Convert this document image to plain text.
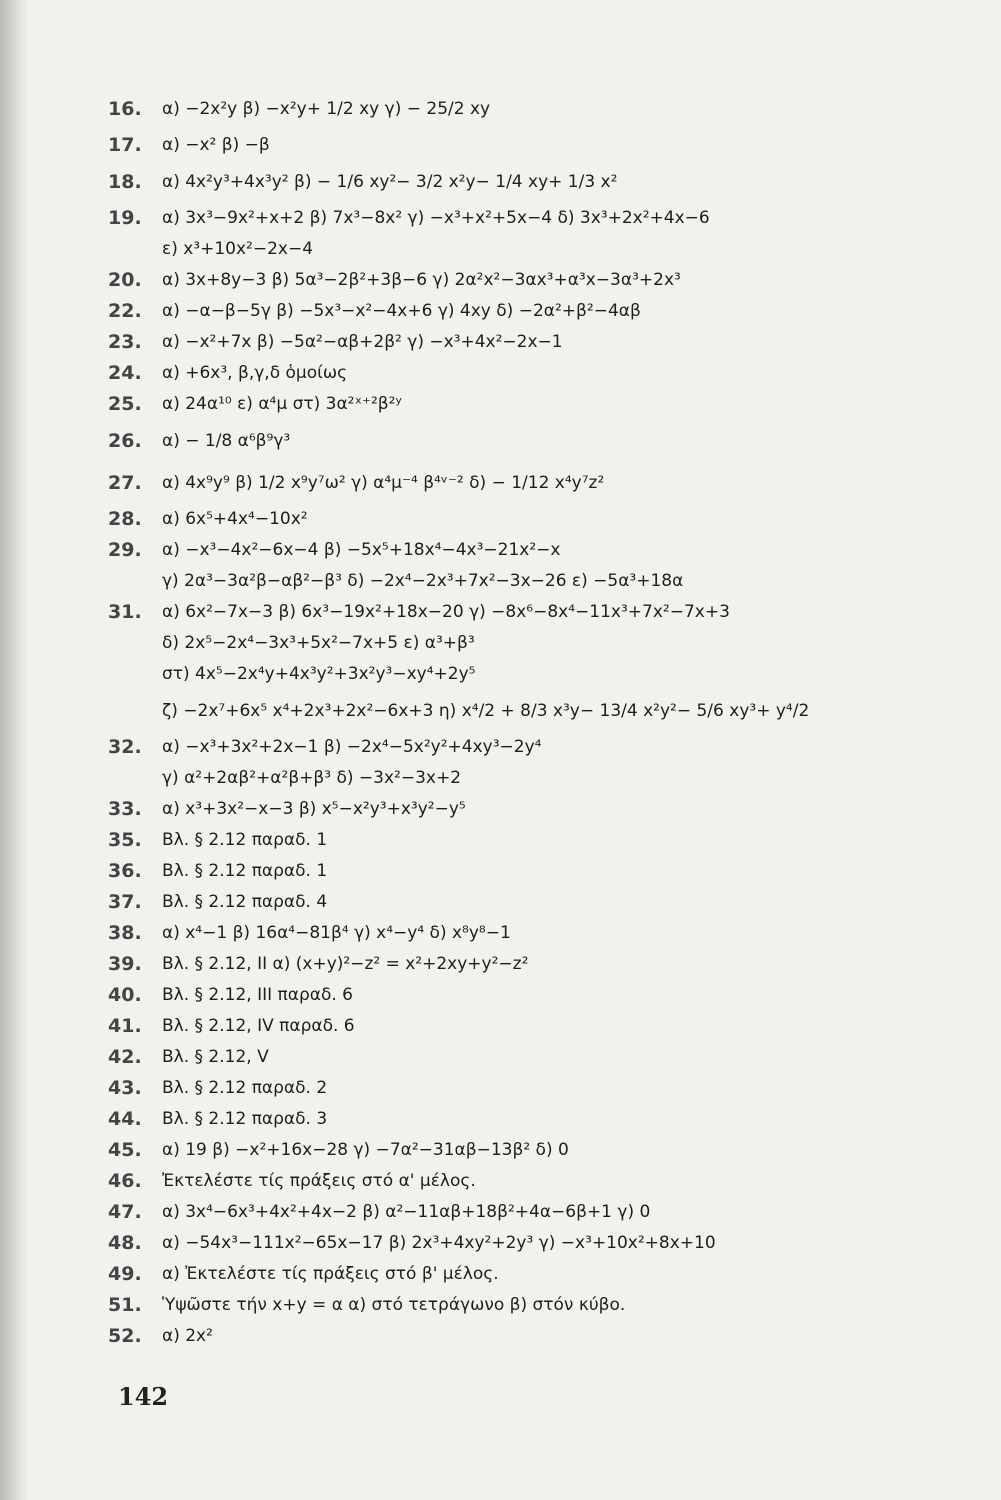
16.	α) −2x²y β) −x²y+ 1/2 xy γ) − 25/2 xy
17.	α) −x² β) −β
18.	α) 4x²y³+4x³y² β) − 1/6 xy²− 3/2 x²y− 1/4 xy+ 1/3 x²
19.	α) 3x³−9x²+x+2 β) 7x³−8x² γ) −x³+x²+5x−4 δ) 3x³+2x²+4x−6
ε) x³+10x²−2x−4
20.	α) 3x+8y−3 β) 5α³−2β²+3β−6 γ) 2α²x²−3αx³+α³x−3α³+2x³
22.	α) −α−β−5γ β) −5x³−x²−4x+6 γ) 4xy δ) −2α²+β²−4αβ
23.	α) −x²+7x β) −5α²−αβ+2β² γ) −x³+4x²−2x−1
24.	α) +6x³, β,γ,δ ὁμοίως
25.	α) 24α¹⁰ ε) α⁴μ στ) 3α²ˣ⁺²β²ʸ
26.	α) − 1/8 α⁶β⁹γ³
27.	α) 4x⁹y⁹ β) 1/2 x⁹y⁷ω² γ) α⁴μ⁻⁴ β⁴ᵛ⁻² δ) − 1/12 x⁴y⁷z²
28.	α) 6x⁵+4x⁴−10x²
29.	α) −x³−4x²−6x−4 β) −5x⁵+18x⁴−4x³−21x²−x
γ) 2α³−3α²β−αβ²−β³ δ) −2x⁴−2x³+7x²−3x−26 ε) −5α³+18α
31.	α) 6x²−7x−3 β) 6x³−19x²+18x−20 γ) −8x⁶−8x⁴−11x³+7x²−7x+3
δ) 2x⁵−2x⁴−3x³+5x²−7x+5 ε) α³+β³
στ) 4x⁵−2x⁴y+4x³y²+3x²y³−xy⁴+2y⁵
ζ) −2x⁷+6x⁵ x⁴+2x³+2x²−6x+3 η) x⁴/2 + 8/3 x³y− 13/4 x²y²− 5/6 xy³+ y⁴/2
32.	α) −x³+3x²+2x−1 β) −2x⁴−5x²y²+4xy³−2y⁴
γ) α²+2αβ²+α²β+β³ δ) −3x²−3x+2
33.	α) x³+3x²−x−3 β) x⁵−x²y³+x³y²−y⁵
35.	Βλ. § 2.12 παραδ. 1
36.	Βλ. § 2.12 παραδ. 1
37.	Βλ. § 2.12 παραδ. 4
38.	α) x⁴−1 β) 16α⁴−81β⁴ γ) x⁴−y⁴ δ) x⁸y⁸−1
39.	Βλ. § 2.12, II α) (x+y)²−z² = x²+2xy+y²−z²
40.	Βλ. § 2.12, III παραδ. 6
41.	Βλ. § 2.12, IV παραδ. 6
42.	Βλ. § 2.12, V
43.	Βλ. § 2.12 παραδ. 2
44.	Βλ. § 2.12 παραδ. 3
45.	α) 19 β) −x²+16x−28 γ) −7α²−31αβ−13β² δ) 0
46.	Ἐκτελέστε τίς πράξεις στό α' μέλος.
47.	α) 3x⁴−6x³+4x²+4x−2 β) α²−11αβ+18β²+4α−6β+1 γ) 0
48.	α) −54x³−111x²−65x−17 β) 2x³+4xy²+2y³ γ) −x³+10x²+8x+10
49.	α) Ἐκτελέστε τίς πράξεις στό β' μέλος.
51.	Ὑψῶστε τήν x+y = α α) στό τετράγωνο β) στόν κύβο.
52.	α) 2x²
142
